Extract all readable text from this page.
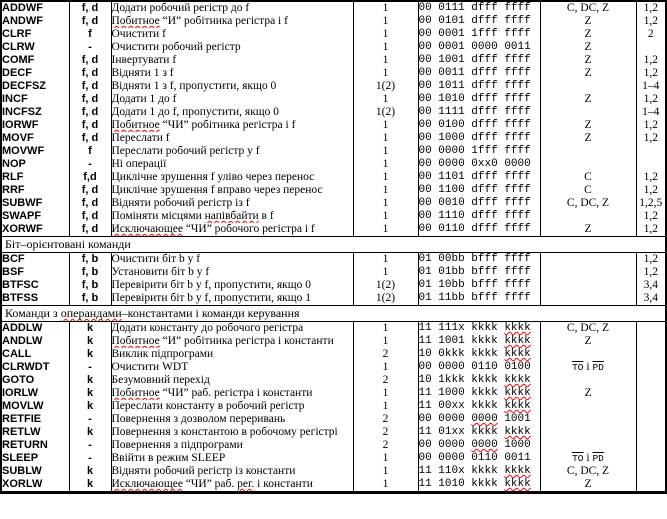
ADDWF	f, d	Додати робочий регістр до f	1	00 0111 dfff ffff	C, DC, Z	1,2
ANDWF	f, d	Побитное “И” робітника регістра і f	1	00 0101 dfff ffff	Z	1,2
CLRF	f	Очистити f	1	00 0001 1fff ffff	Z	2
CLRW	-	Очистити робочий регістр	1	00 0001 0000 0011	Z	
COMF	f, d	Інвертувати f	1	00 1001 dfff ffff	Z	1,2
DECF	f, d	Відняти 1 з f	1	00 0011 dfff ffff	Z	1,2
DECFSZ	f, d	Відняти 1 з f, пропустити, якщо 0	1(2)	00 1011 dfff ffff		1–4
INCF	f, d	Додати 1 до f	1	00 1010 dfff ffff	Z	1,2
INCFSZ	f, d	Додати 1 до f, пропустити, якщо 0	1(2)	00 1111 dfff ffff		1–4
IORWF	f, d	Побитное “ЧИ” робітника регістра і f	1	00 0100 dfff ffff	Z	1,2
MOVF	f, d	Переслати f	1	00 1000 dfff ffff	Z	1,2
MOVWF	f	Переслати робочий регістр у f	1	00 0000 1fff ffff		
NOP	-	Ні операції	1	00 0000 0xx0 0000		
RLF	f,d	Циклічне зрушення f уліво через перенос	1	00 1101 dfff ffff	C	1,2
RRF	f, d	Циклічне зрушення f вправо через перенос	1	00 1100 dfff ffff	C	1,2
SUBWF	f, d	Відняти робочий регістр із f	1	00 0010 dfff ffff	C, DC, Z	1,2,5
SWAPF	f, d	Поміняти місцями напівбайти в f	1	00 1110 dfff ffff		1,2
XORWF	f, d	Исключающее “ЧИ” робочого регістра і f	1	00 0110 dfff ffff	Z	1,2
Біт–орієнтовані команди						
BCF	f, b	Очистити біт b у f	1	01 00bb bfff ffff		1,2
BSF	f, b	Установити біт b у f	1	01 01bb bfff ffff		1,2
BTFSC	f, b	Перевірити біт b у f, пропустити, якщо 0	1(2)	01 10bb bfff ffff		3,4
BTFSS	f, b	Перевірити біт b у f, пропустити, якщо 1	1(2)	01 11bb bfff ffff		3,4
Команди з операндами–константами і команди керування						
ADDLW	k	Додати константу до робочого регістра	1	11 111x kkkk kkkk	C, DC, Z	
ANDLW	k	Побитное “И” робітника регістра і константи	1	11 1001 kkkk kkkk	Z	
CALL	k	Виклик підпрограми	2	10 0kkk kkkk kkkk		
CLRWDT	-	Очистити WDT	1	00 0000 0110 0100	$\overline{TO}$ і $\overline{PD}$	
GOTO	k	Безумовний перехід	2	10 1kkk kkkk kkkk		
IORLW	k	Побитное “ЧИ” раб. регістра і константи	1	11 1000 kkkk kkkk	Z	
MOVLW	k	Переслати константу в робочий регістр	1	11 00xx kkkk kkkk		
RETFIE	-	Повернення з дозволом переривань	2	00 0000 0000 1001		
RETLW	k	Повернення з константою в робочому регістрі	2	11 01xx kkkk kkkk		
RETURN	-	Повернення з підпрограми	2	00 0000 0000 1000		
SLEEP	-	Ввійти в режим SLEEP	1	00 0000 0110 0011	$\overline{TO}$ і $\overline{PD}$	
SUBLW	k	Відняти робочий регістр із константи	1	11 110x kkkk kkkk	C, DC, Z	
XORLW	k	Исключающее “ЧИ” раб. рег. і константи	1	11 1010 kkkk kkkk	Z	
